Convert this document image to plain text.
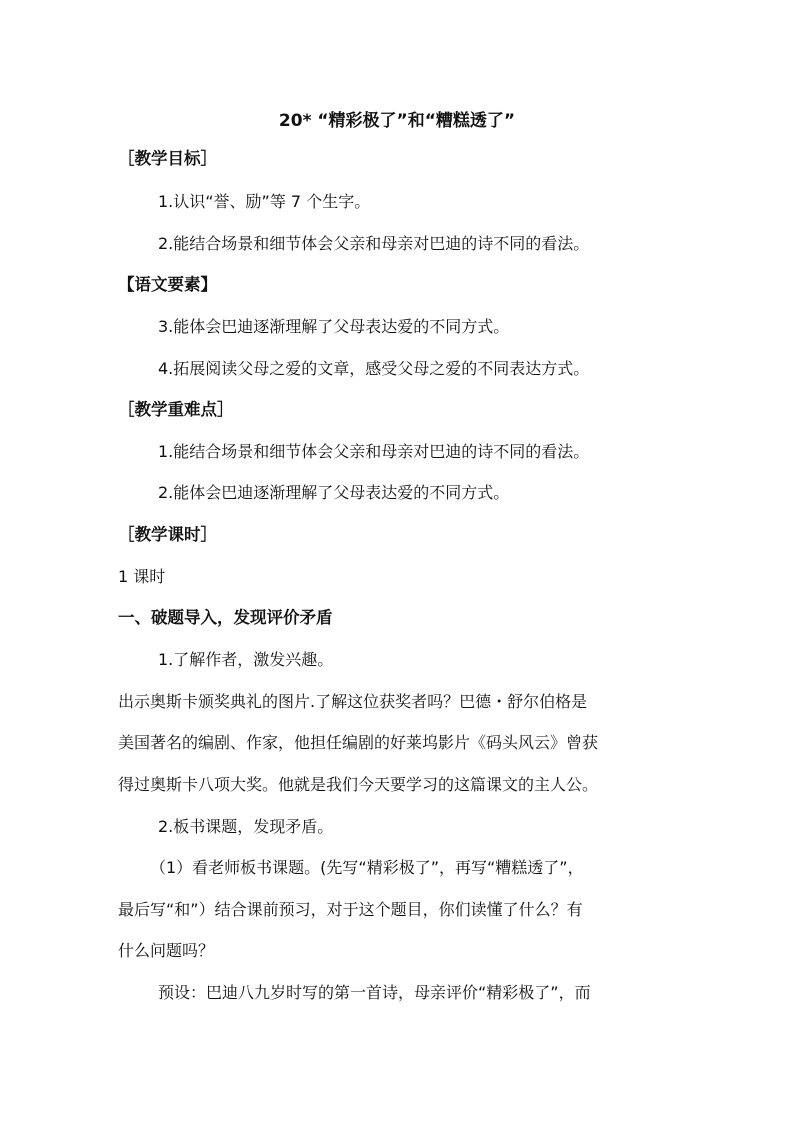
20* “精彩极了”和“糟糕透了”
［教学目标］
1.认识“誉、励”等 7 个生字。
2.能结合场景和细节体会父亲和母亲对巴迪的诗不同的看法。
【语文要素】
3.能体会巴迪逐渐理解了父母表达爱的不同方式。
4.拓展阅读父母之爱的文章，感受父母之爱的不同表达方式。
［教学重难点］
1.能结合场景和细节体会父亲和母亲对巴迪的诗不同的看法。
2.能体会巴迪逐渐理解了父母表达爱的不同方式。
［教学课时］
1 课时
一、破题导入，发现评价矛盾
1.了解作者，激发兴趣。
出示奥斯卡颁奖典礼的图片.了解这位获奖者吗？巴德・舒尔伯格是
美国著名的编剧、作家，他担任编剧的好莱坞影片《码头风云》曾获
得过奥斯卡八项大奖。他就是我们今天要学习的这篇课文的主人公。
2.板书课题，发现矛盾。
（1）看老师板书课题。(先写“精彩极了”，再写“糟糕透了”，
最后写“和”）结合课前预习，对于这个题目，你们读懂了什么？有
什么问题吗？
预设：巴迪八九岁时写的第一首诗，母亲评价“精彩极了”，而
